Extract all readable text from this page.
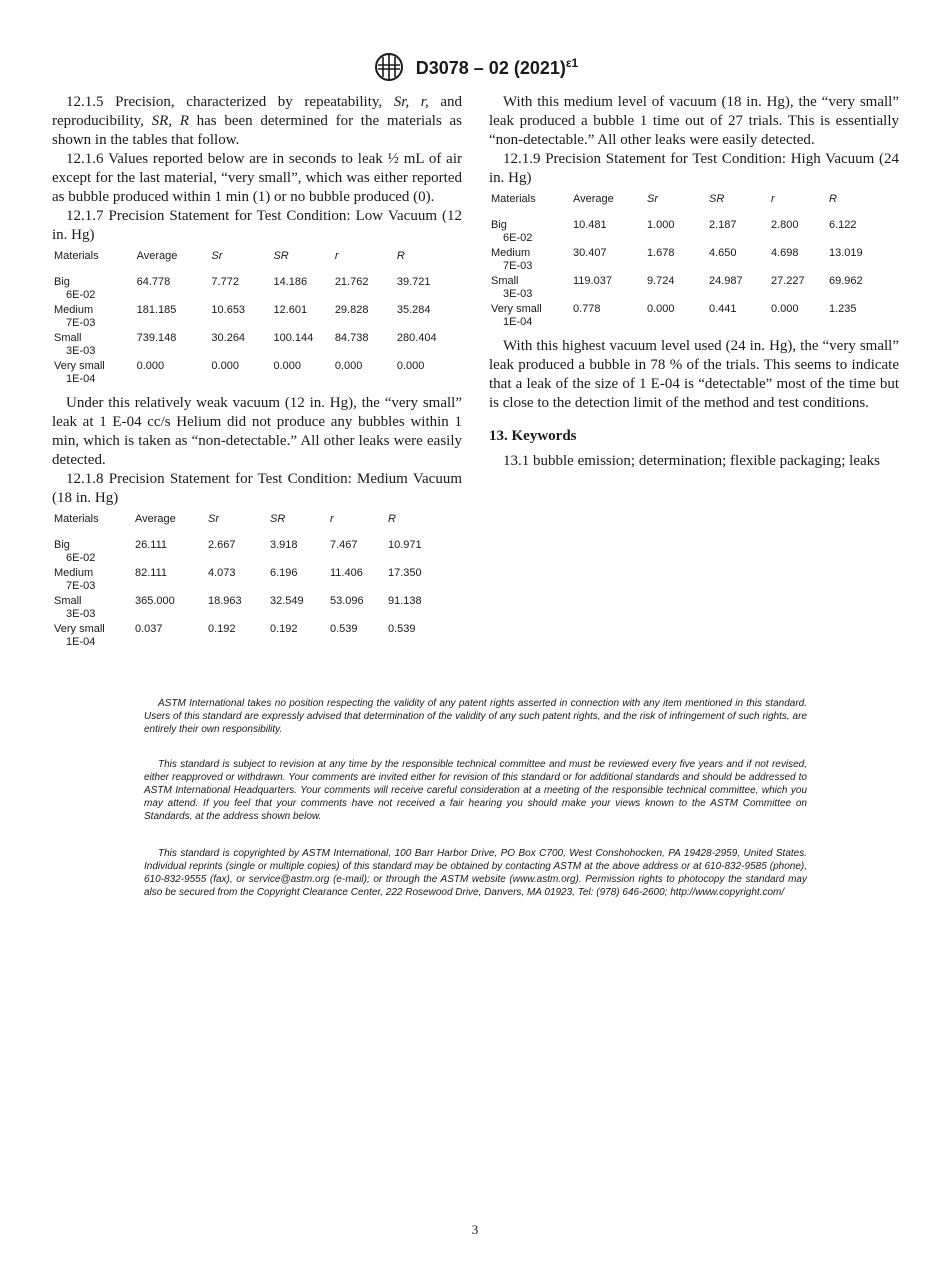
D3078 – 02 $(2021)^{\varepsilon 1}$

12.1.5 Precision, characterized by repeatability, Sr, r, and reproducibility, SR, R has been determined for the materials as shown in the tables that follow.

12.1.6 Values reported below are in seconds to leak ½ mL of air except for the last material, “very small”, which was either reported as bubble produced within 1 min (1) or no bubble produced (0).

12.1.7 Precision Statement for Test Condition: Low Vacuum (12 in. Hg)

Materials	Average	Sr	SR	r	R

Big
6E-02	64.778	7.772	14.186	21.762	39.721

Medium
7E-03	181.185	10.653	12.601	29.828	35.284

Small
3E-03	739.148	30.264	100.144	84.738	280.404

Very small
1E-04	0.000	0.000	0.000	0.000	0.000

Under this relatively weak vacuum (12 in. Hg), the “very small” leak at 1 E-04 cc/s Helium did not produce any bubbles within 1 min, which is taken as “non-detectable.” All other leaks were easily detected.

12.1.8 Precision Statement for Test Condition: Medium Vacuum (18 in. Hg)

Materials	Average	Sr	SR	r	R

Big
6E-02	26.111	2.667	3.918	7.467	10.971

Medium
7E-03	82.111	4.073	6.196	11.406	17.350

Small
3E-03	365.000	18.963	32.549	53.096	91.138

Very small
1E-04	0.037	0.192	0.192	0.539	0.539

With this medium level of vacuum (18 in. Hg), the “very small” leak produced a bubble 1 time out of 27 trials. This is essentially “non-detectable.” All other leaks were easily detected.

12.1.9 Precision Statement for Test Condition: High Vacuum (24 in. Hg)

Materials	Average	Sr	SR	r	R

Big
6E-02	10.481	1.000	2.187	2.800	6.122

Medium
7E-03	30.407	1.678	4.650	4.698	13.019

Small
3E-03	119.037	9.724	24.987	27.227	69.962

Very small
1E-04	0.778	0.000	0.441	0.000	1.235

With this highest vacuum level used (24 in. Hg), the “very small” leak produced a bubble in 78 % of the trials. This seems to indicate that a leak of the size of 1 E-04 is “detectable” most of the time but is close to the detection limit of the method and test conditions.

13. Keywords

13.1 bubble emission; determination; flexible packaging; leaks

ASTM International takes no position respecting the validity of any patent rights asserted in connection with any item mentioned in this standard. Users of this standard are expressly advised that determination of the validity of any such patent rights, and the risk of infringement of such rights, are entirely their own responsibility.

This standard is subject to revision at any time by the responsible technical committee and must be reviewed every five years and if not revised, either reapproved or withdrawn. Your comments are invited either for revision of this standard or for additional standards and should be addressed to ASTM International Headquarters. Your comments will receive careful consideration at a meeting of the responsible technical committee, which you may attend. If you feel that your comments have not received a fair hearing you should make your views known to the ASTM Committee on Standards, at the address shown below.

This standard is copyrighted by ASTM International, 100 Barr Harbor Drive, PO Box C700, West Conshohocken, PA 19428-2959, United States. Individual reprints (single or multiple copies) of this standard may be obtained by contacting ASTM at the above address or at 610-832-9585 (phone), 610-832-9555 (fax), or service@astm.org (e-mail); or through the ASTM website (www.astm.org). Permission rights to photocopy the standard may also be secured from the Copyright Clearance Center, 222 Rosewood Drive, Danvers, MA 01923, Tel: (978) 646-2600; http://www.copyright.com/

3
